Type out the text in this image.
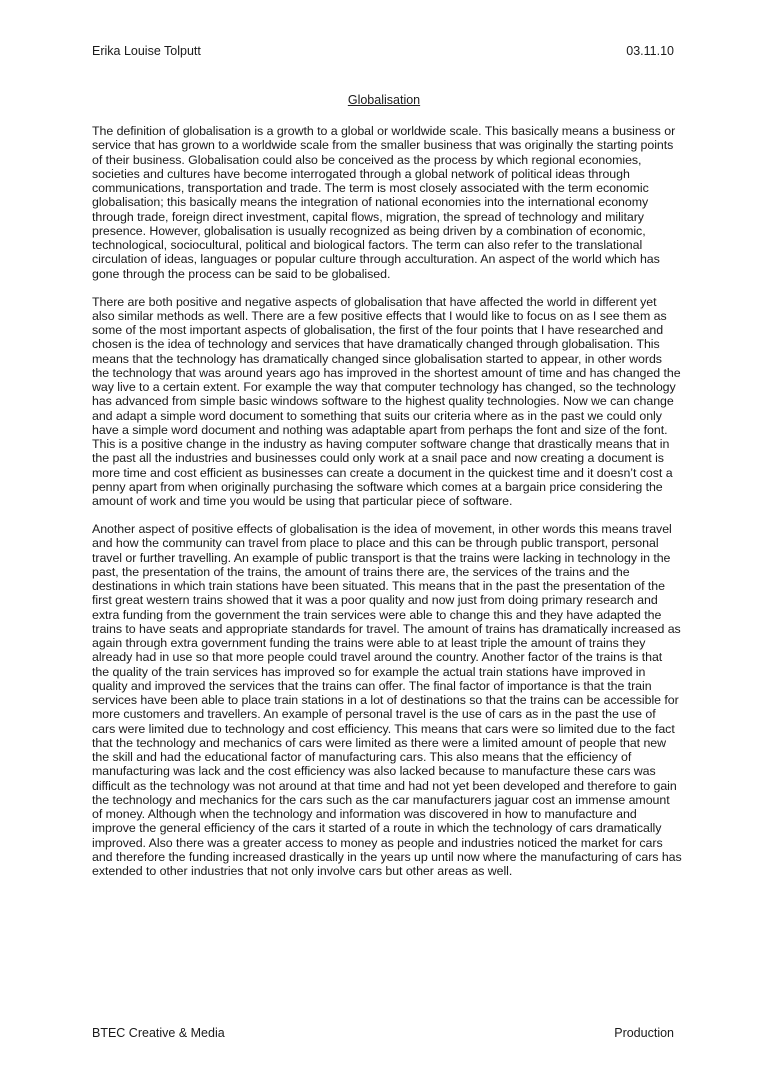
Erika Louise Tolputt	03.11.10
Globalisation

The definition of globalisation is a growth to a global or worldwide scale. This basically means a business or service that has grown to a worldwide scale from the smaller business that was originally the starting points of their business. Globalisation could also be conceived as the process by which regional economies, societies and cultures have become interrogated through a global network of political ideas through communications, transportation and trade. The term is most closely associated with the term economic globalisation; this basically means the integration of national economies into the international economy through trade, foreign direct investment, capital flows, migration, the spread of technology and military presence. However, globalisation is usually recognized as being driven by a combination of economic, technological, sociocultural, political and biological factors. The term can also refer to the translational circulation of ideas, languages or popular culture through acculturation. An aspect of the world which has gone through the process can be said to be globalised.

There are both positive and negative aspects of globalisation that have affected the world in different yet also similar methods as well. There are a few positive effects that I would like to focus on as I see them as some of the most important aspects of globalisation, the first of the four points that I have researched and chosen is the idea of technology and services that have dramatically changed through globalisation. This means that the technology has dramatically changed since globalisation started to appear, in other words the technology that was around years ago has improved in the shortest amount of time and has changed the way live to a certain extent. For example the way that computer technology has changed, so the technology has advanced from simple basic windows software to the highest quality technologies. Now we can change and adapt a simple word document to something that suits our criteria where as in the past we could only have a simple word document and nothing was adaptable apart from perhaps the font and size of the font. This is a positive change in the industry as having computer software change that drastically means that in the past all the industries and businesses could only work at a snail pace and now creating a document is more time and cost efficient as businesses can create a document in the quickest time and it doesn’t cost a penny apart from when originally purchasing the software which comes at a bargain price considering the amount of work and time you would be using that particular piece of software.

Another aspect of positive effects of globalisation is the idea of movement, in other words this means travel and how the community can travel from place to place and this can be through public transport, personal travel or further travelling. An example of public transport is that the trains were lacking in technology in the past, the presentation of the trains, the amount of trains there are, the services of the trains and the destinations in which train stations have been situated. This means that in the past the presentation of the first great western trains showed that it was a poor quality and now just from doing primary research and extra funding from the government the train services were able to change this and they have adapted the trains to have seats and appropriate standards for travel. The amount of trains has dramatically increased as again through extra government funding the trains were able to at least triple the amount of trains they already had in use so that more people could travel around the country. Another factor of the trains is that the quality of the train services has improved so for example the actual train stations have improved in quality and improved the services that the trains can offer. The final factor of importance is that the train services have been able to place train stations in a lot of destinations so that the trains can be accessible for more customers and travellers. An example of personal travel is the use of cars as in the past the use of cars were limited due to technology and cost efficiency. This means that cars were so limited due to the fact that the technology and mechanics of cars were limited as there were a limited amount of people that new the skill and had the educational factor of manufacturing cars. This also means that the efficiency of manufacturing was lack and the cost efficiency was also lacked because to manufacture these cars was difficult as the technology was not around at that time and had not yet been developed and therefore to gain the technology and mechanics for the cars such as the car manufacturers jaguar cost an immense amount of money. Although when the technology and information was discovered in how to manufacture and improve the general efficiency of the cars it started of a route in which the technology of cars dramatically improved. Also there was a greater access to money as people and industries noticed the market for cars and therefore the funding increased drastically in the years up until now where the manufacturing of cars has extended to other industries that not only involve cars but other areas as well.

BTEC Creative & Media	Production
